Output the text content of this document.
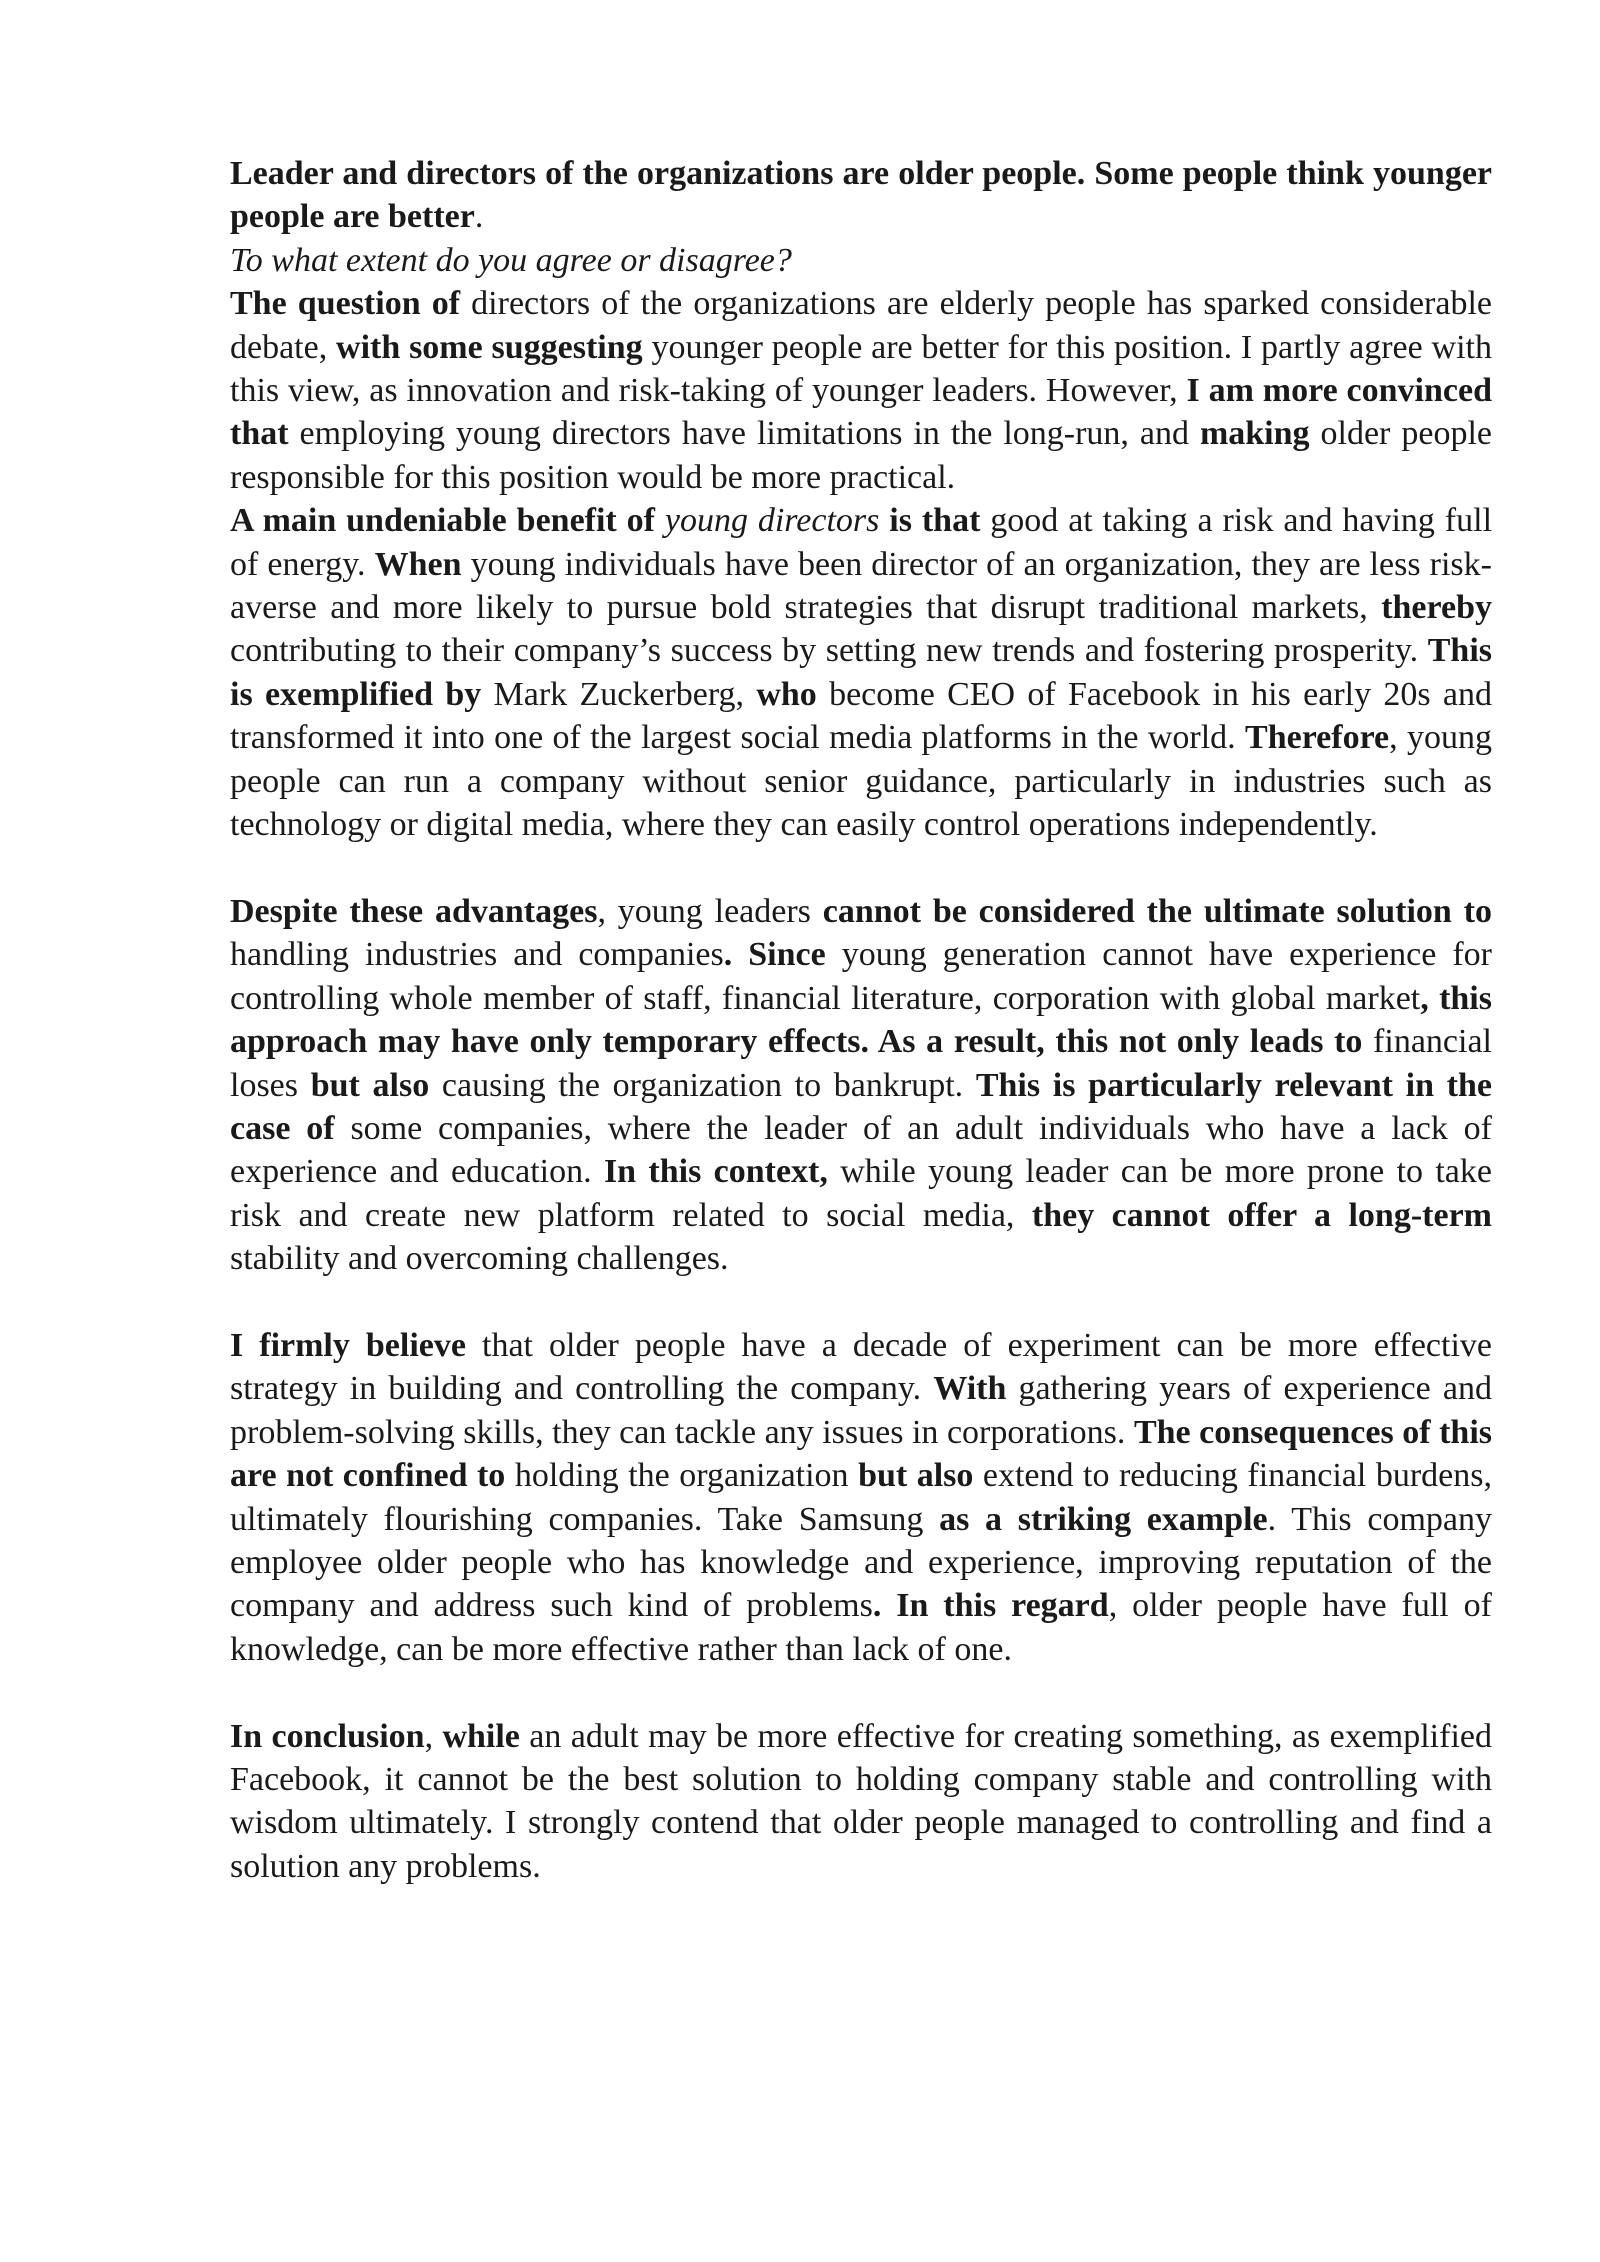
Leader and directors of the organizations are older people. Some people think younger people are better.

To what extent do you agree or disagree?

The question of directors of the organizations are elderly people has sparked considerable debate, with some suggesting younger people are better for this position. I partly agree with this view, as innovation and risk-taking of younger leaders. However, I am more convinced that employing young directors have limitations in the long-run, and making older people responsible for this position would be more practical.

A main undeniable benefit of young directors is that good at taking a risk and having full of energy. When young individuals have been director of an organization, they are less risk-averse and more likely to pursue bold strategies that disrupt traditional markets, thereby contributing to their company’s success by setting new trends and fostering prosperity. This is exemplified by Mark Zuckerberg, who become CEO of Facebook in his early 20s and transformed it into one of the largest social media platforms in the world. Therefore, young people can run a company without senior guidance, particularly in industries such as technology or digital media, where they can easily control operations independently.

Despite these advantages, young leaders cannot be considered the ultimate solution to handling industries and companies. Since young generation cannot have experience for controlling whole member of staff, financial literature, corporation with global market, this approach may have only temporary effects. As a result, this not only leads to financial loses but also causing the organization to bankrupt. This is particularly relevant in the case of some companies, where the leader of an adult individuals who have a lack of experience and education. In this context, while young leader can be more prone to take risk and create new platform related to social media, they cannot offer a long-term stability and overcoming challenges.

I firmly believe that older people have a decade of experiment can be more effective strategy in building and controlling the company. With gathering years of experience and problem-solving skills, they can tackle any issues in corporations. The consequences of this are not confined to holding the organization but also extend to reducing financial burdens, ultimately flourishing companies. Take Samsung as a striking example. This company employee older people who has knowledge and experience, improving reputation of the company and address such kind of problems. In this regard, older people have full of knowledge, can be more effective rather than lack of one.

In conclusion, while an adult may be more effective for creating something, as exemplified Facebook, it cannot be the best solution to holding company stable and controlling with wisdom ultimately. I strongly contend that older people managed to controlling and find a solution any problems.
